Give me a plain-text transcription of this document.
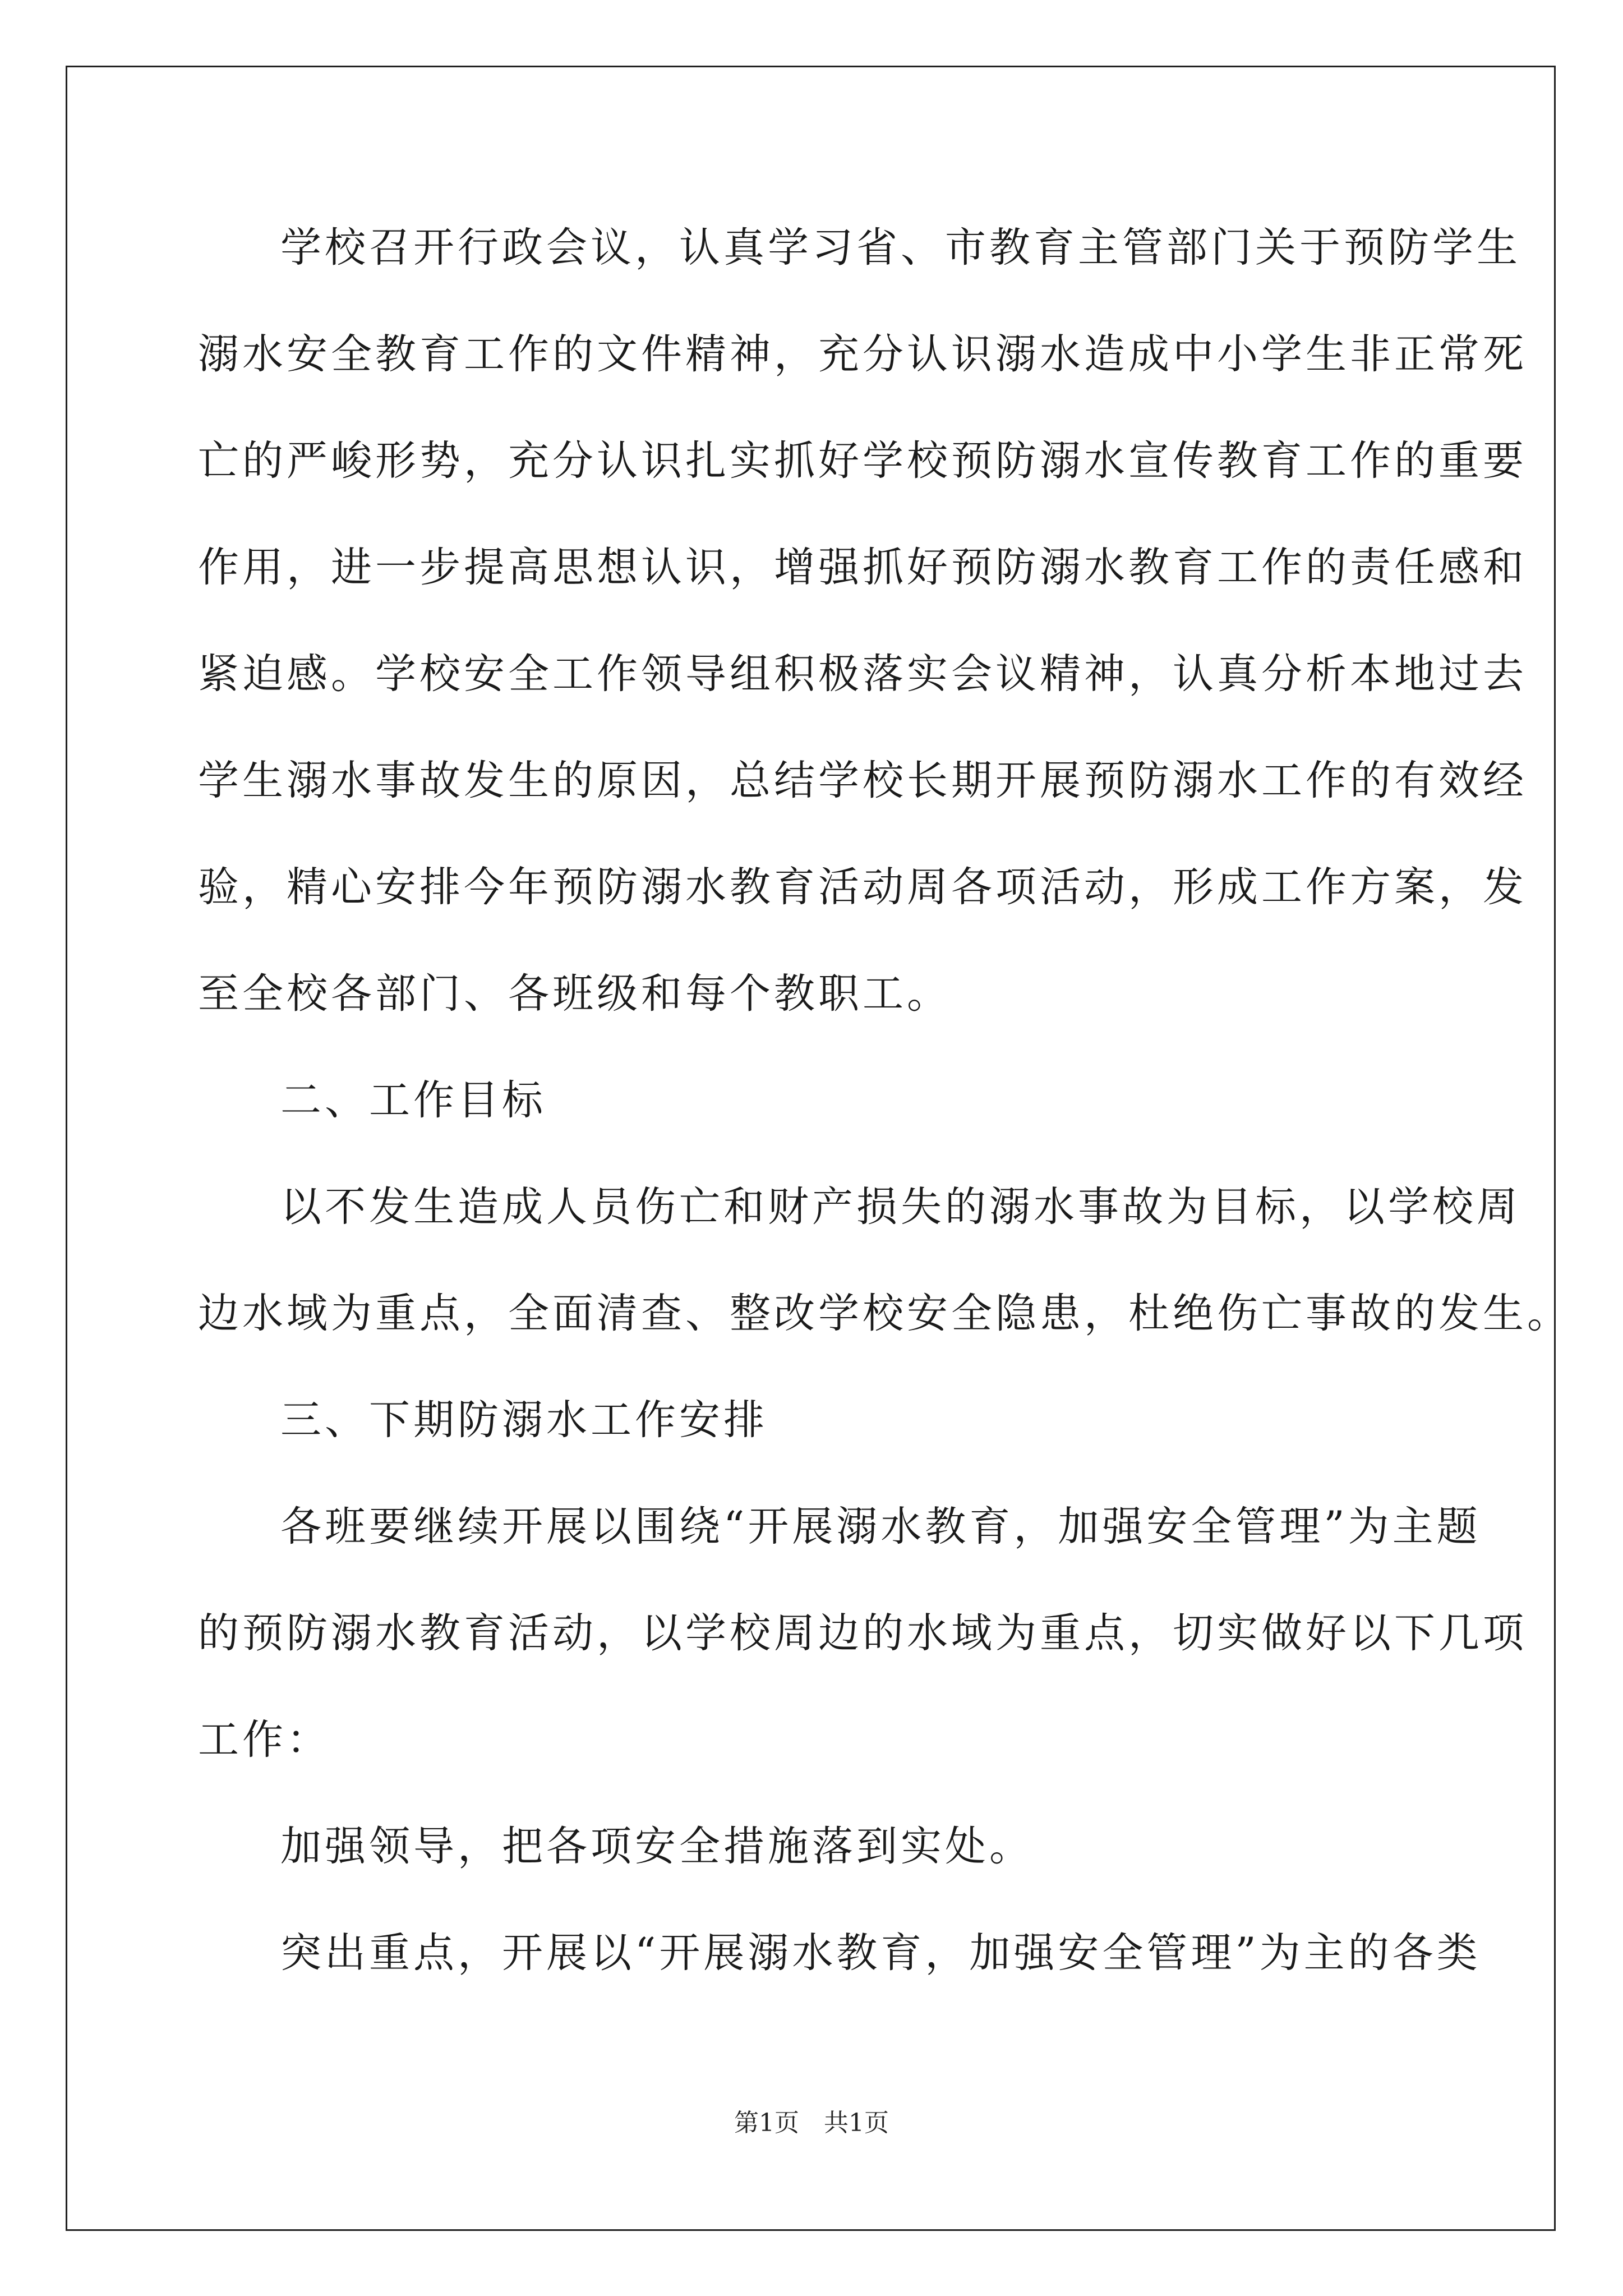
学校召开行政会议，认真学习省、市教育主管部门关于预防学生
溺水安全教育工作的文件精神，充分认识溺水造成中小学生非正常死
亡的严峻形势，充分认识扎实抓好学校预防溺水宣传教育工作的重要
作用，进一步提高思想认识，增强抓好预防溺水教育工作的责任感和
紧迫感。学校安全工作领导组积极落实会议精神，认真分析本地过去
学生溺水事故发生的原因，总结学校长期开展预防溺水工作的有效经
验，精心安排今年预防溺水教育活动周各项活动，形成工作方案，发
至全校各部门、各班级和每个教职工。
二、工作目标
以不发生造成人员伤亡和财产损失的溺水事故为目标，以学校周
边水域为重点，全面清查、整改学校安全隐患，杜绝伤亡事故的发生。
三、下期防溺水工作安排
各班要继续开展以围绕“开展溺水教育，加强安全管理”为主题
的预防溺水教育活动，以学校周边的水域为重点，切实做好以下几项
工作：
加强领导，把各项安全措施落到实处。
突出重点，开展以“开展溺水教育，加强安全管理”为主的各类
第1页　共1页
